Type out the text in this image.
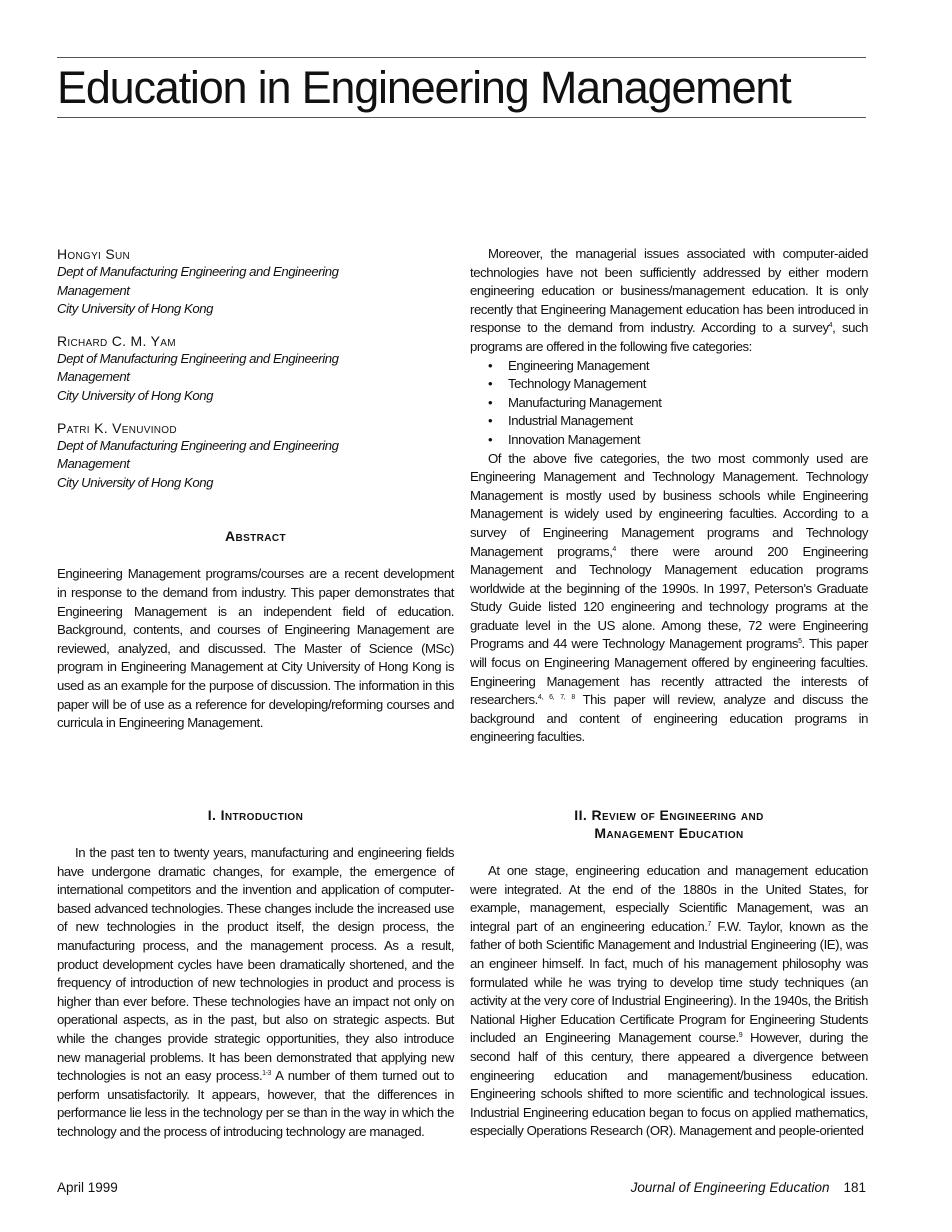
Education in Engineering Management
Hongyi Sun
Dept of Manufacturing Engineering and Engineering Management
City University of Hong Kong
Richard C. M. Yam
Dept of Manufacturing Engineering and Engineering Management
City University of Hong Kong
Patri K. Venuvinod
Dept of Manufacturing Engineering and Engineering Management
City University of Hong Kong
Abstract

Engineering Management programs/courses are a recent development in response to the demand from industry. This paper demonstrates that Engineering Management is an independent field of education. Background, contents, and courses of Engineering Management are reviewed, analyzed, and discussed. The Master of Science (MSc) program in Engineering Management at City University of Hong Kong is used as an example for the purpose of discussion. The information in this paper will be of use as a reference for developing/reforming courses and curricula in Engineering Management.

I. Introduction

In the past ten to twenty years, manufacturing and engineering fields have undergone dramatic changes, for example, the emergence of international competitors and the invention and application of computer-based advanced technologies. These changes include the increased use of new technologies in the product itself, the design process, the manufacturing process, and the management process. As a result, product development cycles have been dramatically shortened, and the frequency of introduction of new technologies in product and process is higher than ever before. These technologies have an impact not only on operational aspects, as in the past, but also on strategic aspects. But while the changes provide strategic opportunities, they also introduce new managerial problems. It has been demonstrated that applying new technologies is not an easy process.$^{1-3}$ A number of them turned out to perform unsatisfactorily. It appears, however, that the differences in performance lie less in the technology per se than in the way in which the technology and the process of introducing technology are managed.

Moreover, the managerial issues associated with computer-aided technologies have not been sufficiently addressed by either modern engineering education or business/management education. It is only recently that Engineering Management education has been introduced in response to the demand from industry. According to a survey$^4$, such programs are offered in the following five categories:

• Engineering Management
• Technology Management
• Manufacturing Management
• Industrial Management
• Innovation Management

Of the above five categories, the two most commonly used are Engineering Management and Technology Management. Technology Management is mostly used by business schools while Engineering Management is widely used by engineering faculties. According to a survey of Engineering Management programs and Technology Management programs,$^4$ there were around 200 Engineering Management and Technology Management education programs worldwide at the beginning of the 1990s. In 1997, Peterson's Graduate Study Guide listed 120 engineering and technology programs at the graduate level in the US alone. Among these, 72 were Engineering Programs and 44 were Technology Management programs$^5$. This paper will focus on Engineering Management offered by engineering faculties. Engineering Management has recently attracted the interests of researchers.$^{4, 6, 7, 8}$ This paper will review, analyze and discuss the background and content of engineering education programs in engineering faculties.

II. Review of Engineering and
Management Education

At one stage, engineering education and management education were integrated. At the end of the 1880s in the United States, for example, management, especially Scientific Management, was an integral part of an engineering education.$^7$ F.W. Taylor, known as the father of both Scientific Management and Industrial Engineering (IE), was an engineer himself. In fact, much of his management philosophy was formulated while he was trying to develop time study techniques (an activity at the very core of Industrial Engineering). In the 1940s, the British National Higher Education Certificate Program for Engineering Students included an Engineering Management course.$^9$ However, during the second half of this century, there appeared a divergence between engineering education and management/business education. Engineering schools shifted to more scientific and technological issues. Industrial Engineering education began to focus on applied mathematics, especially Operations Research (OR). Management and people-oriented

April 1999	Journal of Engineering Education 181
